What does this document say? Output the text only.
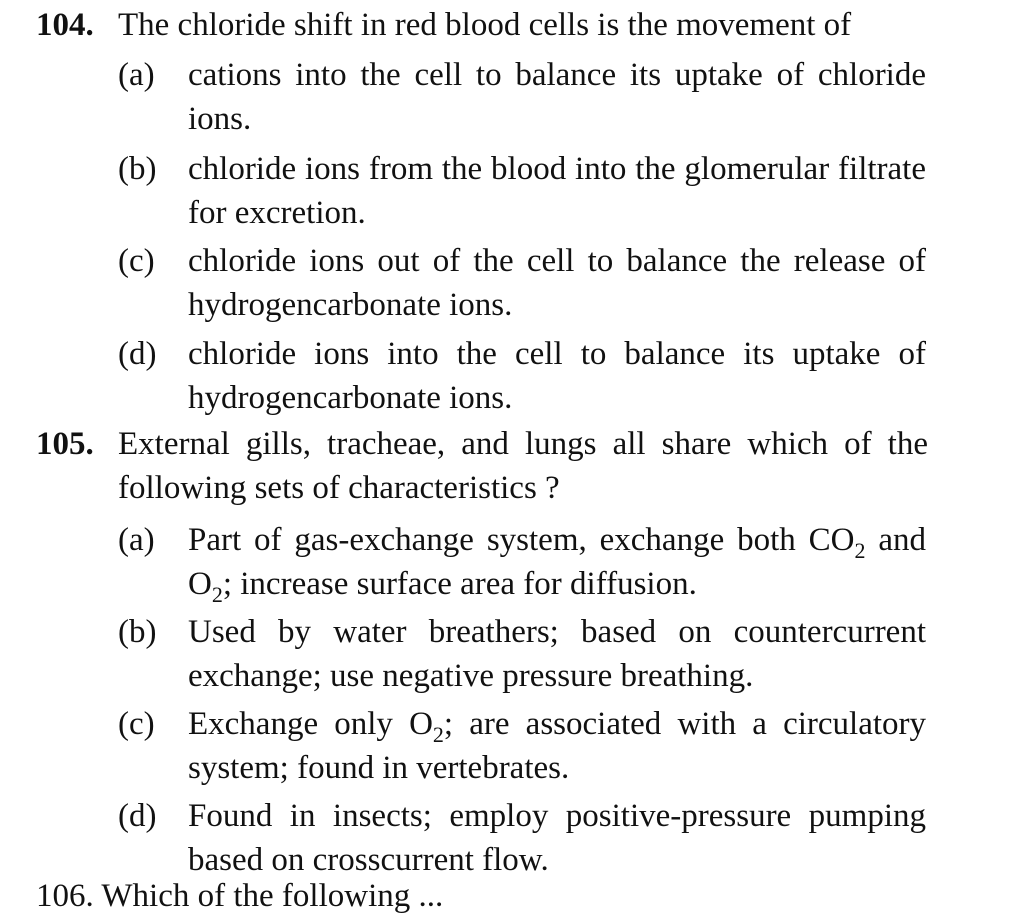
104. The chloride shift in red blood cells is the movement of
(a) cations into the cell to balance its uptake of chloride ions.
(b) chloride ions from the blood into the glomerular filtrate for excretion.
(c) chloride ions out of the cell to balance the release of hydrogencarbonate ions.
(d) chloride ions into the cell to balance its uptake of hydrogencarbonate ions.
105. External gills, tracheae, and lungs all share which of the following sets of characteristics ?
(a) Part of gas-exchange system, exchange both $CO_2$ and $O_2$; increase surface area for diffusion.
(b) Used by water breathers; based on countercurrent exchange; use negative pressure breathing.
(c) Exchange only $O_2$; are associated with a circulatory system; found in vertebrates.
(d) Found in insects; employ positive-pressure pumping based on crosscurrent flow.
106. Which of the following ...
